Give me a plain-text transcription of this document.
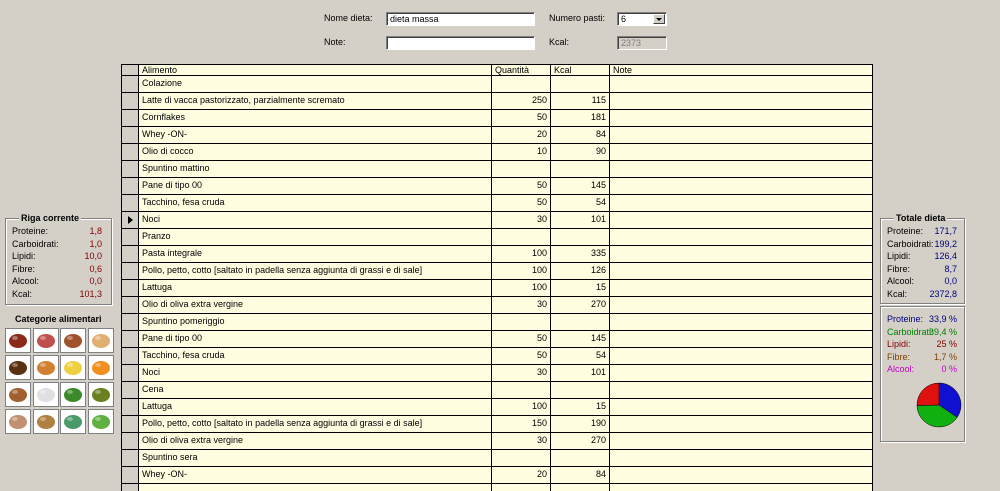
Nome dieta:	dieta massa	Numero pasti:	6
Note:	Kcal:	2373
Alimento	Quantità	Kcal	Note
Colazione
Latte di vacca pastorizzato, parzialmente scremato	250	115
Cornflakes	50	181
Whey -ON-	20	84
Olio di cocco	10	90
Spuntino mattino
Pane di tipo 00	50	145
Tacchino, fesa cruda	50	54
Noci	30	101
Pranzo
Pasta integrale	100	335
Pollo, petto, cotto [saltato in padella senza aggiunta di grassi e di sale]	100	126
Lattuga	100	15
Olio di oliva extra vergine	30	270
Spuntino pomeriggio
Pane di tipo 00	50	145
Tacchino, fesa cruda	50	54
Noci	30	101
Cena
Lattuga	100	15
Pollo, petto, cotto [saltato in padella senza aggiunta di grassi e di sale]	150	190
Olio di oliva extra vergine	30	270
Spuntino sera
Whey -ON-	20	84
Riga corrente
Proteine:	1,8
Carboidrati:	1,0
Lipidi:	10,0
Fibre:	0,6
Alcool:	0,0
Kcal:	101,3
Categorie alimentari
Totale dieta
Proteine: 171,7
Carboidrati: 199,2
Lipidi:	126,4
Fibre:	8,7
Alcool:	0,0
Kcal: 2372,8
Proteine: 33,9 %
Carboidrati:
39,4 %
Lipidi:	25 %
Fibre:	1,7 %
Alcool:	0 %
